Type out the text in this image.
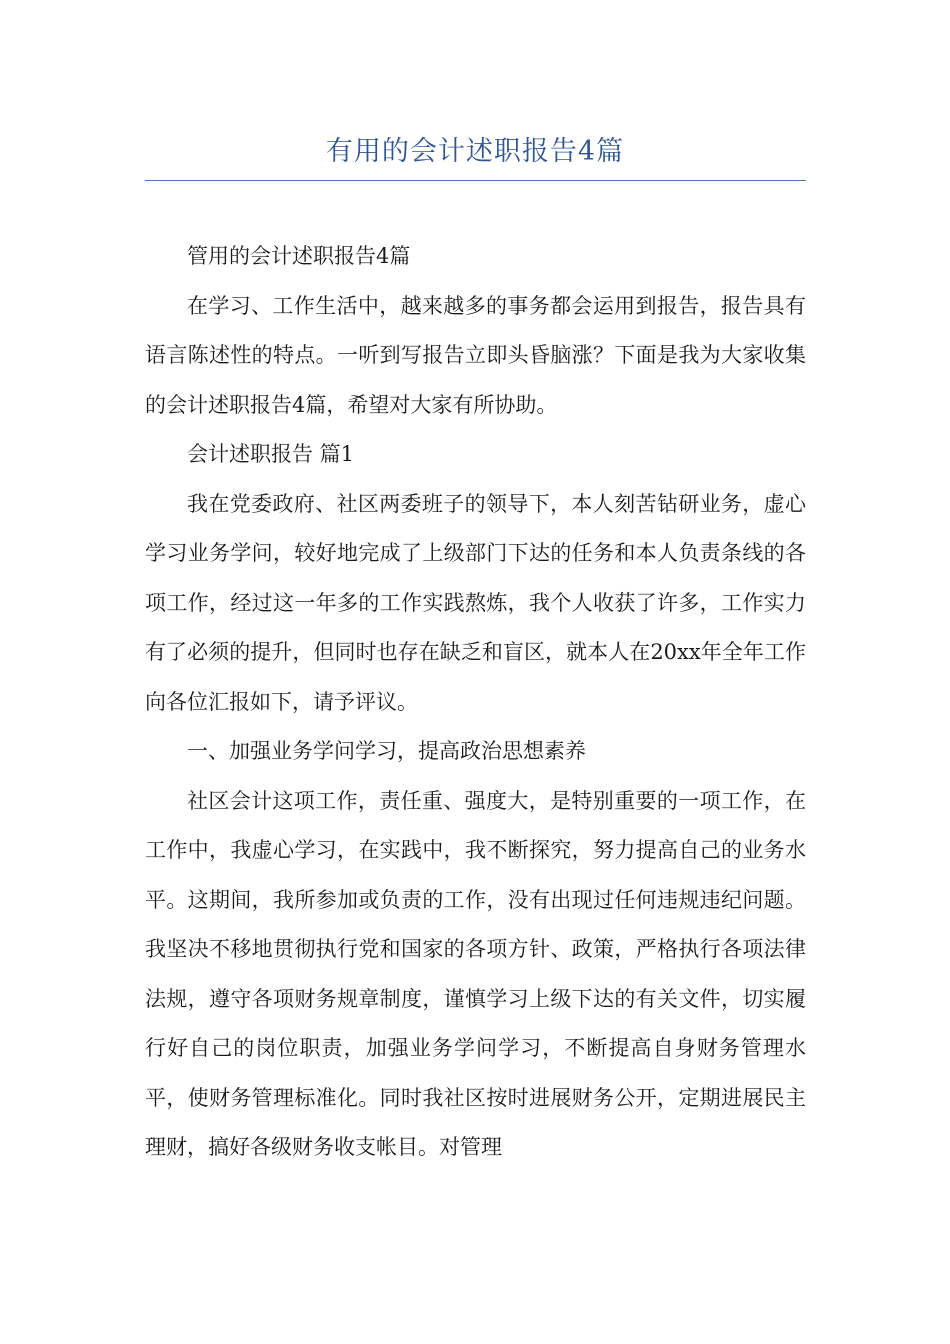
有用的会计述职报告4篇

管用的会计述职报告4篇

在学习、工作生活中，越来越多的事务都会运用到报告，报告具有语言陈述性的特点。一听到写报告立即头昏脑涨？下面是我为大家收集的会计述职报告4篇，希望对大家有所协助。

会计述职报告 篇1

我在党委政府、社区两委班子的领导下，本人刻苦钻研业务，虚心学习业务学问，较好地完成了上级部门下达的任务和本人负责条线的各项工作，经过这一年多的工作实践熬炼，我个人收获了许多，工作实力有了必须的提升，但同时也存在缺乏和盲区，就本人在20xx年全年工作向各位汇报如下，请予评议。

一、加强业务学问学习，提高政治思想素养

社区会计这项工作，责任重、强度大，是特别重要的一项工作，在工作中，我虚心学习，在实践中，我不断探究，努力提高自己的业务水平。这期间，我所参加或负责的工作，没有出现过任何违规违纪问题。 我坚决不移地贯彻执行党和国家的各项方针、政策，严格执行各项法律法规，遵守各项财务规章制度，谨慎学习上级下达的有关文件，切实履行好自己的岗位职责，加强业务学问学习，不断提高自身财务管理水平，使财务管理标准化。同时我社区按时进展财务公开，定期进展民主理财，搞好各级财务收支帐目。对管理
